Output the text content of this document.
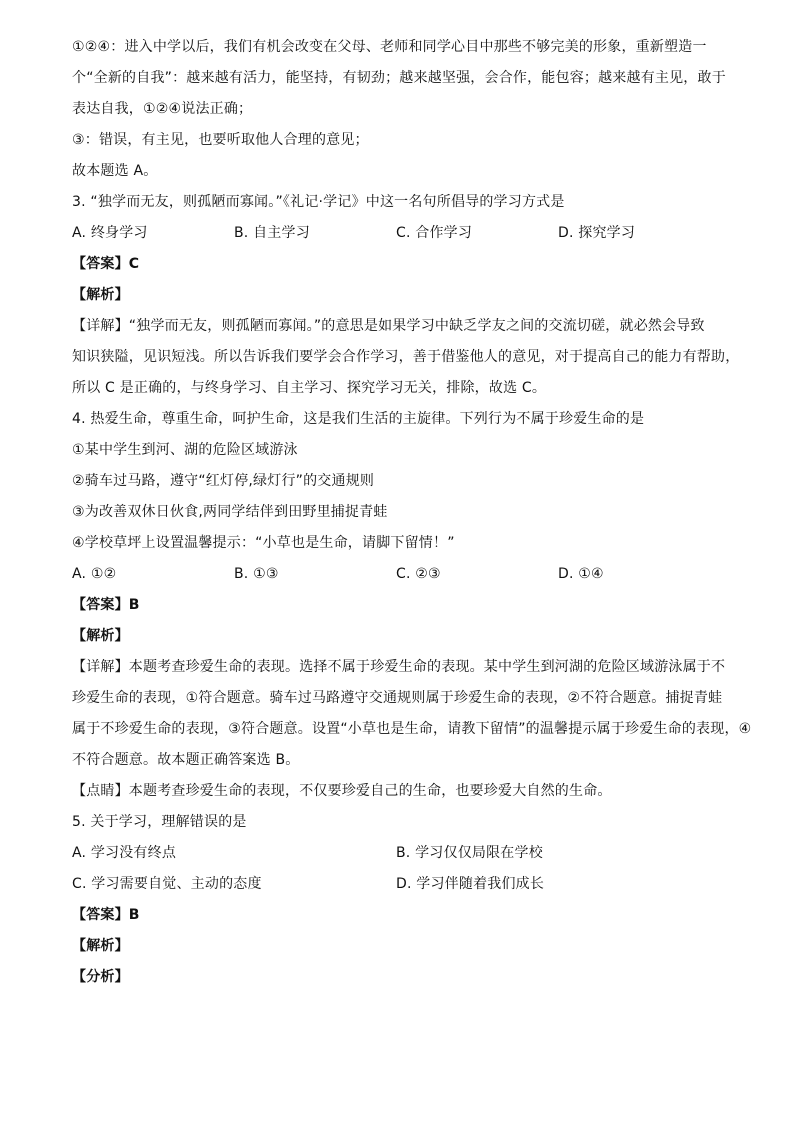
①②④：进入中学以后，我们有机会改变在父母、老师和同学心目中那些不够完美的形象，重新塑造一
个“全新的自我”：越来越有活力，能坚持，有韧劲；越来越坚强，会合作，能包容；越来越有主见，敢于
表达自我，①②④说法正确；
③：错误，有主见，也要听取他人合理的意见；
故本题选 A。
3. “独学而无友，则孤陋而寡闻。”《礼记·学记》中这一名句所倡导的学习方式是
A. 终身学习	B. 自主学习	C. 合作学习	D. 探究学习
【答案】C
【解析】
【详解】“独学而无友，则孤陋而寡闻。”的意思是如果学习中缺乏学友之间的交流切磋，就必然会导致
知识狭隘，见识短浅。所以告诉我们要学会合作学习，善于借鉴他人的意见，对于提高自己的能力有帮助，
所以 C 是正确的，与终身学习、自主学习、探究学习无关，排除，故选 C。
4. 热爱生命，尊重生命，呵护生命，这是我们生活的主旋律。下列行为不属于珍爱生命的是
①某中学生到河、湖的危险区域游泳
②骑车过马路，遵守“红灯停,绿灯行”的交通规则
③为改善双休日伙食,两同学结伴到田野里捕捉青蛙
④学校草坪上设置温馨提示：“小草也是生命，请脚下留情！”
A. ①②	B. ①③	C. ②③	D. ①④
【答案】B
【解析】
【详解】本题考查珍爱生命的表现。选择不属于珍爱生命的表现。某中学生到河湖的危险区域游泳属于不
珍爱生命的表现，①符合题意。骑车过马路遵守交通规则属于珍爱生命的表现，②不符合题意。捕捉青蛙
属于不珍爱生命的表现，③符合题意。设置“小草也是生命，请教下留情”的温馨提示属于珍爱生命的表现，④
不符合题意。故本题正确答案选 B。
【点睛】本题考查珍爱生命的表现，不仅要珍爱自己的生命，也要珍爱大自然的生命。
5. 关于学习，理解错误的是
A. 学习没有终点	B. 学习仅仅局限在学校
C. 学习需要自觉、主动的态度	D. 学习伴随着我们成长
【答案】B
【解析】
【分析】
